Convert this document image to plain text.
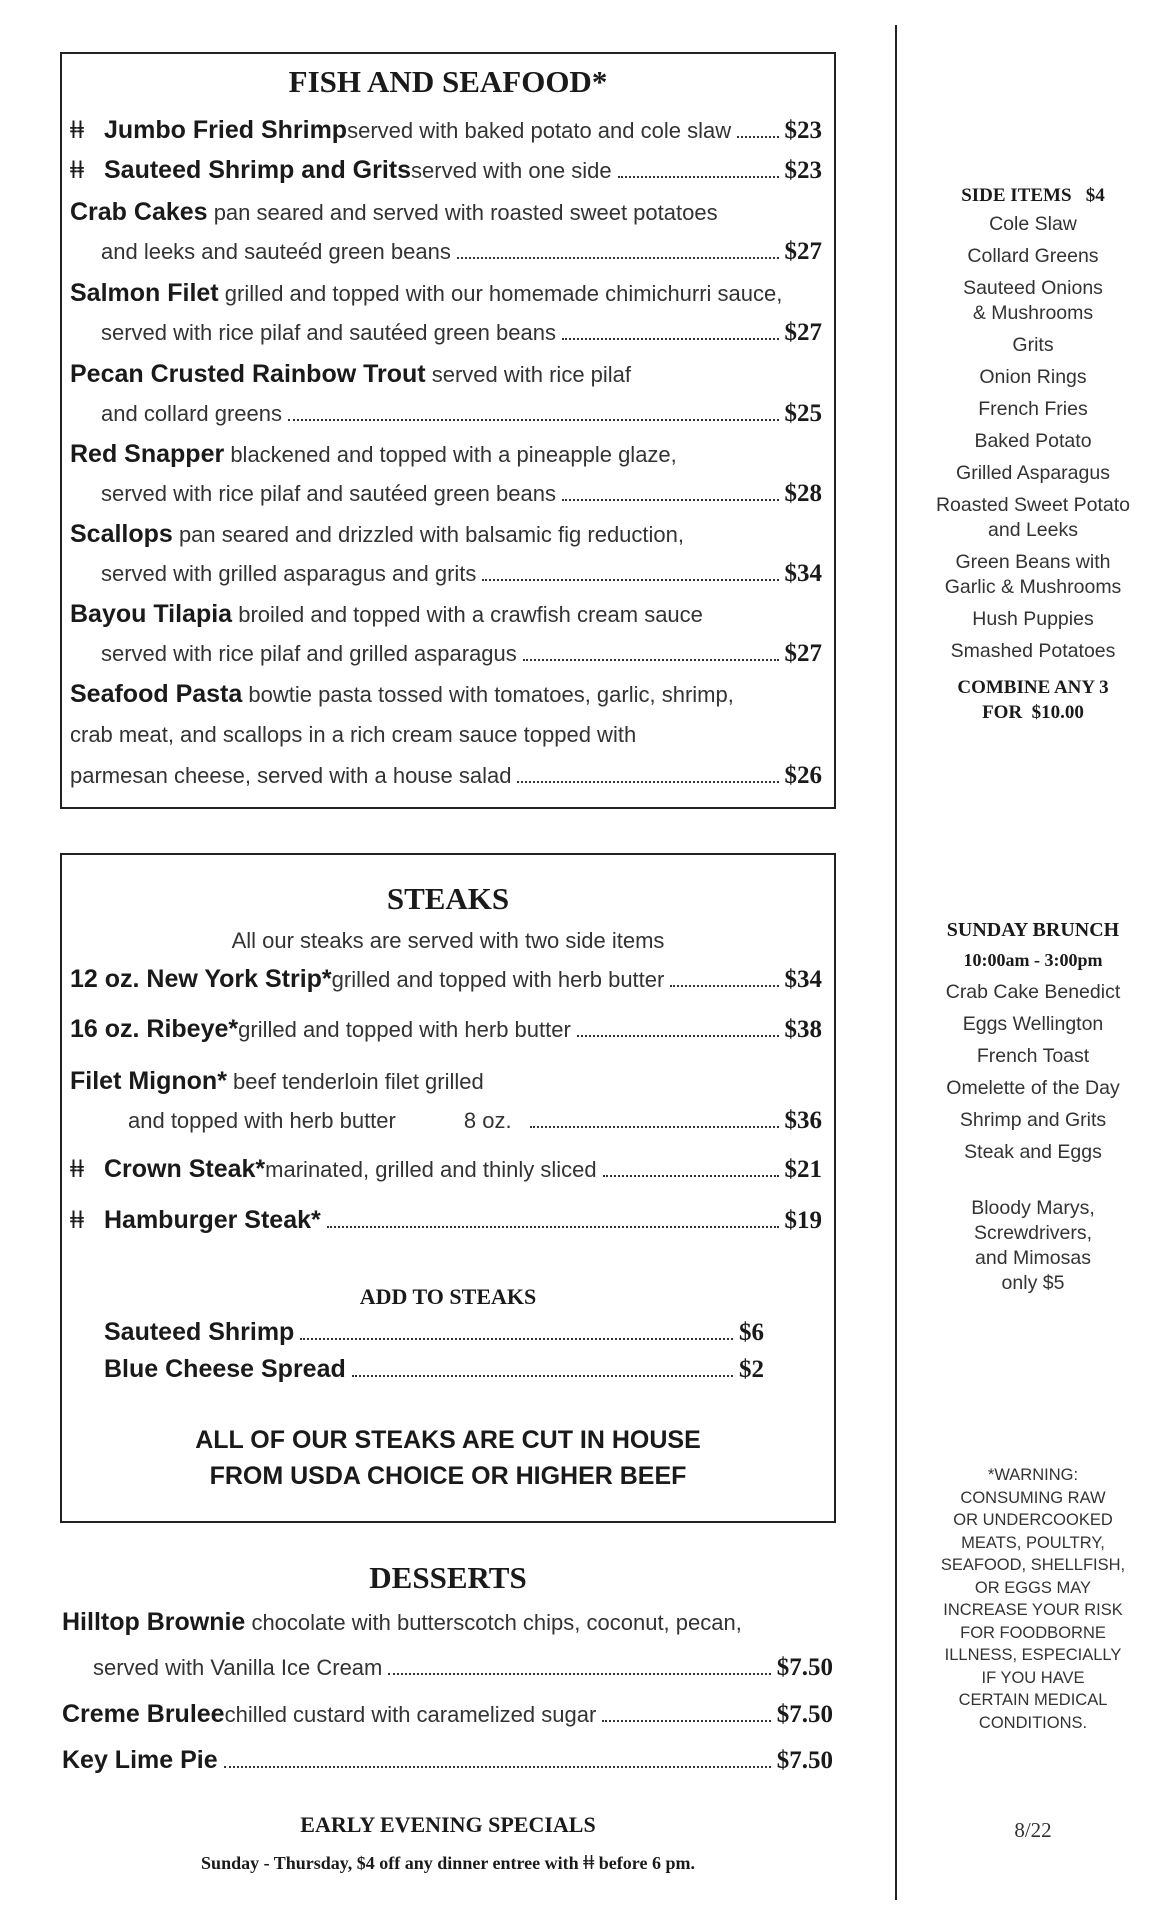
FISH AND SEAFOOD*
ǂǂ Jumbo Fried Shrimp served with baked potato and cole slaw $23
ǂǂ Sauteed Shrimp and Grits served with one side	$23
Crab Cakes pan seared and served with roasted sweet potatoes
and leeks and sauteéd green beans	$27
Salmon Filet grilled and topped with our homemade chimichurri sauce,
served with rice pilaf and sautéed green beans	$27
Pecan Crusted Rainbow Trout served with rice pilaf
and collard greens	$25
Red Snapper blackened and topped with a pineapple glaze,
served with rice pilaf and sautéed green beans	$28
Scallops pan seared and drizzled with balsamic fig reduction,
served with grilled asparagus and grits	$34
Bayou Tilapia broiled and topped with a crawfish cream sauce
served with rice pilaf and grilled asparagus	$27
Seafood Pasta bowtie pasta tossed with tomatoes, garlic, shrimp,
crab meat, and scallops in a rich cream sauce topped with
parmesan cheese, served with a house salad	$26
STEAKS
All our steaks are served with two side items
12 oz. New York Strip* grilled and topped with herb butter	$34
16 oz. Ribeye* grilled and topped with herb butter	$38
Filet Mignon* beef tenderloin filet grilled
and topped with herb butter	8 oz.	$36
ǂǂ Crown Steak* marinated, grilled and thinly sliced	$21
ǂǂ Hamburger Steak*	$19
ADD TO STEAKS
Sauteed Shrimp	$6
Blue Cheese Spread	$2
ALL OF OUR STEAKS ARE CUT IN HOUSE
FROM USDA CHOICE OR HIGHER BEEF
DESSERTS
Hilltop Brownie chocolate with butterscotch chips, coconut, pecan,
served with Vanilla Ice Cream	$7.50
Creme Brulee chilled custard with caramelized sugar	$7.50
Key Lime Pie	$7.50
EARLY EVENING SPECIALS
Sunday - Thursday, $4 off any dinner entree with ǂǂ before 6 pm.
SIDE ITEMS   $4
Cole Slaw
Collard Greens
Sauteed Onions
& Mushrooms
Grits
Onion Rings
French Fries
Baked Potato
Grilled Asparagus
Roasted Sweet Potato
and Leeks
Green Beans with
Garlic & Mushrooms
Hush Puppies
Smashed Potatoes
COMBINE ANY 3
FOR  $10.00
SUNDAY BRUNCH
10:00am - 3:00pm
Crab Cake Benedict
Eggs Wellington
French Toast
Omelette of the Day
Shrimp and Grits
Steak and Eggs
Bloody Marys,
Screwdrivers,
and Mimosas
only $5
*WARNING:
CONSUMING RAW
OR UNDERCOOKED
MEATS, POULTRY,
SEAFOOD, SHELLFISH,
OR EGGS MAY
INCREASE YOUR RISK
FOR FOODBORNE
ILLNESS, ESPECIALLY
IF YOU HAVE
CERTAIN MEDICAL
CONDITIONS.
8/22
